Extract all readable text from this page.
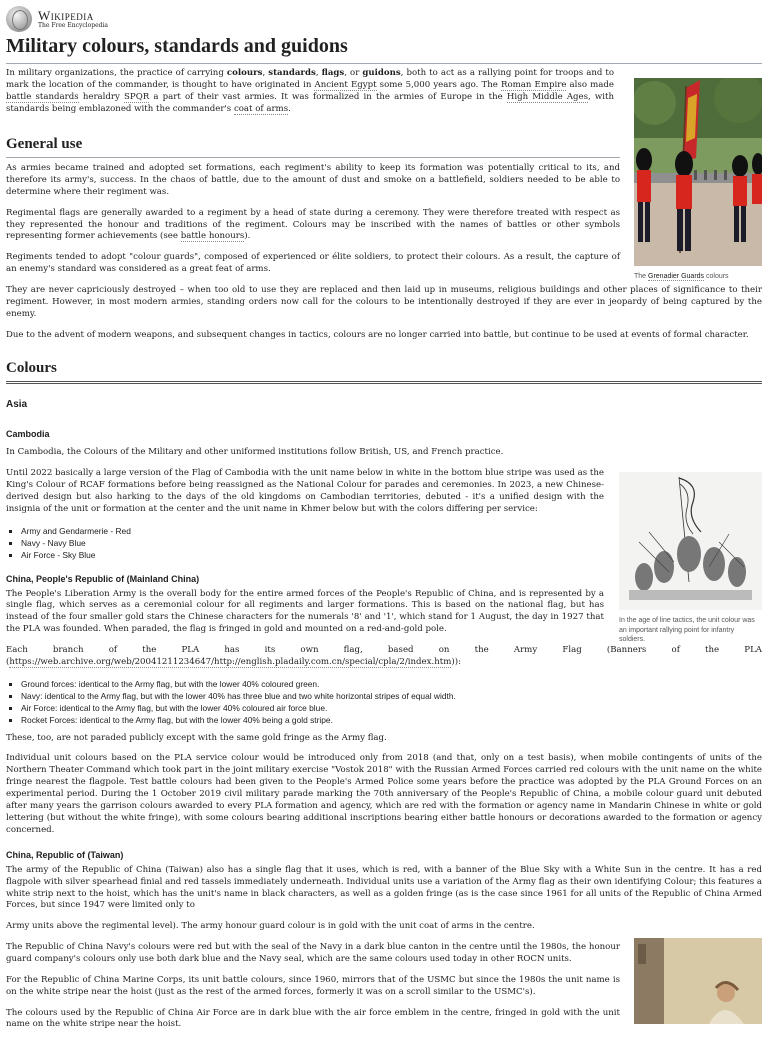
Wikipedia
The Free Encyclopedia
Military colours, standards and guidons
The Grenadier Guards colours
In the age of line tactics, the unit colour was an important rallying point for infantry soldiers.

In military organizations, the practice of carrying colours, standards, flags, or guidons, both to act as a rallying point for troops and to mark the location of the commander, is thought to have originated in Ancient Egypt some 5,000 years ago. The Roman Empire also made battle standards heraldry SPQR a part of their vast armies. It was formalized in the armies of Europe in the High Middle Ages, with standards being emblazoned with the commander's coat of arms.

General use

As armies became trained and adopted set formations, each regiment's ability to keep its formation was potentially critical to its, and therefore its army's, success. In the chaos of battle, due to the amount of dust and smoke on a battlefield, soldiers needed to be able to determine where their regiment was.

Regimental flags are generally awarded to a regiment by a head of state during a ceremony. They were therefore treated with respect as they represented the honour and traditions of the regiment. Colours may be inscribed with the names of battles or other symbols representing former achievements (see battle honours).

Regiments tended to adopt "colour guards", composed of experienced or élite soldiers, to protect their colours. As a result, the capture of an enemy's standard was considered as a great feat of arms.

They are never capriciously destroyed – when too old to use they are replaced and then laid up in museums, religious buildings and other places of significance to their regiment. However, in most modern armies, standing orders now call for the colours to be intentionally destroyed if they are ever in jeopardy of being captured by the enemy.

Due to the advent of modern weapons, and subsequent changes in tactics, colours are no longer carried into battle, but continue to be used at events of formal character.

Colours
Asia
Cambodia

In Cambodia, the Colours of the Military and other uniformed institutions follow British, US, and French practice.

Until 2022 basically a large version of the Flag of Cambodia with the unit name below in white in the bottom blue stripe was used as the King's Colour of RCAF formations before being reassigned as the National Colour for parades and ceremonies. In 2023, a new Chinese-derived design but also harking to the days of the old kingdoms on Cambodian territories, debuted - it's a unified design with the insignia of the unit or formation at the center and the unit name in Khmer below but with the colors differing per service:

▪ Army and Gendarmerie - Red
▪ Navy - Navy Blue
▪ Air Force - Sky Blue
China, People's Republic of (Mainland China)

The People's Liberation Army is the overall body for the entire armed forces of the People's Republic of China, and is represented by a single flag, which serves as a ceremonial colour for all regiments and larger formations. This is based on the national flag, but has instead of the four smaller gold stars the Chinese characters for the numerals '8' and '1', which stand for 1 August, the day in 1927 that the PLA was founded. When paraded, the flag is fringed in gold and mounted on a red-and-gold pole.

Each branch of the PLA has its own flag, based on the Army Flag (Banners of the PLA (https://web.archive.org/web/20041211234647/http://english.pladaily.com.cn/special/cpla/2/index.htm)):

▪ Ground forces: identical to the Army flag, but with the lower 40% coloured green.
▪ Navy: identical to the Army flag, but with the lower 40% has three blue and two white horizontal stripes of equal width.
▪ Air Force: identical to the Army flag, but with the lower 40% coloured air force blue.
▪ Rocket Forces: identical to the Army flag, but with the lower 40% being a gold stripe.

These, too, are not paraded publicly except with the same gold fringe as the Army flag.

Individual unit colours based on the PLA service colour would be introduced only from 2018 (and that, only on a test basis), when mobile contingents of units of the Northern Theater Command which took part in the joint military exercise "Vostok 2018" with the Russian Armed Forces carried red colours with the unit name on the white fringe nearest the flagpole. Test battle colours had been given to the People's Armed Police some years before the practice was adopted by the PLA Ground Forces on an experimental period. During the 1 October 2019 civil military parade marking the 70th anniversary of the People's Republic of China, a mobile colour guard unit debuted after many years the garrison colours awarded to every PLA formation and agency, which are red with the formation or agency name in Mandarin Chinese in white or gold lettering (but without the white fringe), with some colours bearing additional inscriptions bearing either battle honours or decorations awarded to the formation or agency concerned.

China, Republic of (Taiwan)

The army of the Republic of China (Taiwan) also has a single flag that it uses, which is red, with a banner of the Blue Sky with a White Sun in the centre. It has a red flagpole with silver spearhead finial and red tassels immediately underneath. Individual units use a variation of the Army flag as their own identifying Colour; this features a white strip next to the hoist, which has the unit's name in black characters, as well as a golden fringe (as is the case since 1961 for all units of the Republic of China Armed Forces, but since 1947 were limited only to

Army units above the regimental level). The army honour guard colour is in gold with the unit coat of arms in the centre.

The Republic of China Navy's colours were red but with the seal of the Navy in a dark blue canton in the centre until the 1980s, the honour guard company's colours only use both dark blue and the Navy seal, which are the same colours used today in other ROCN units.

For the Republic of China Marine Corps, its unit battle colours, since 1960, mirrors that of the USMC but since the 1980s the unit name is on the white stripe near the hoist (just as the rest of the armed forces, formerly it was on a scroll similar to the USMC's).

The colours used by the Republic of China Air Force are in dark blue with the air force emblem in the centre, fringed in gold with the unit name on the white stripe near the hoist.
